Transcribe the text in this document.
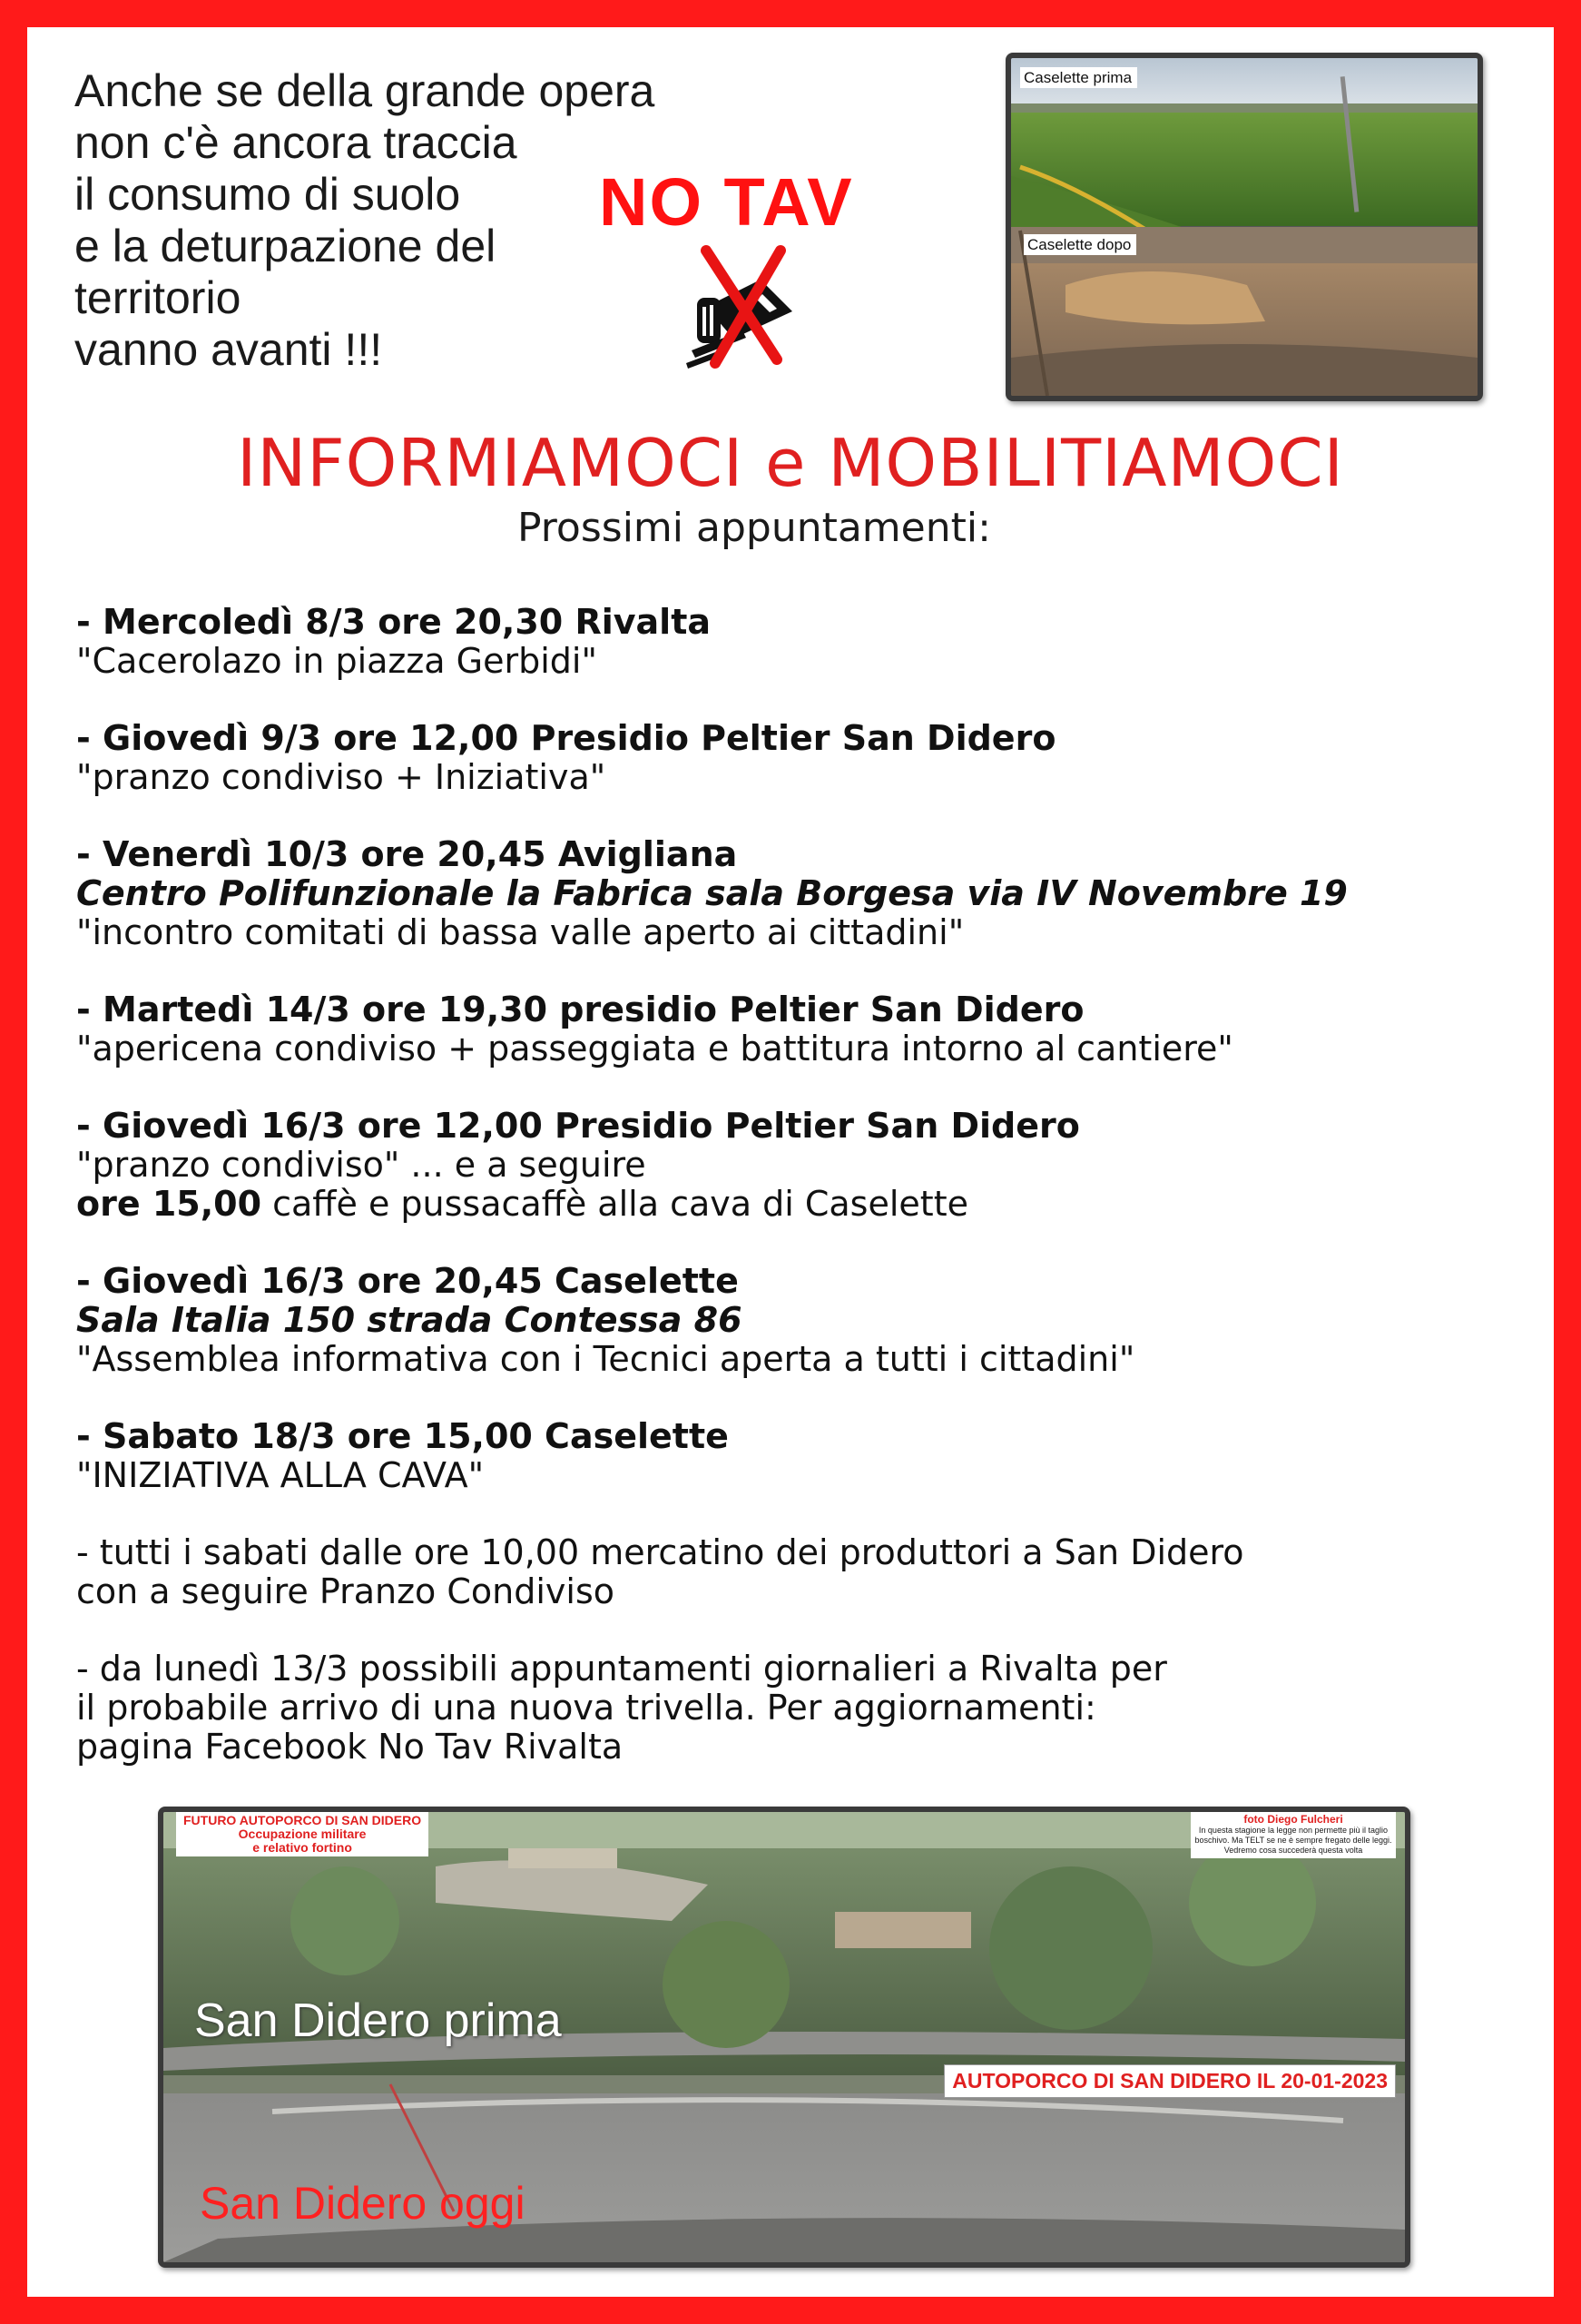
Anche se della grande opera
non c'è ancora traccia
il consumo di suolo
e la deturpazione del
territorio
vanno avanti !!!
NO TAV
Caselette prima
Caselette dopo
INFORMIAMOCI e MOBILITIAMOCI
Prossimi appuntamenti:
- Mercoledì 8/3 ore 20,30 Rivalta
"Cacerolazo in piazza Gerbidi"
- Giovedì 9/3 ore 12,00 Presidio Peltier San Didero
"pranzo condiviso + Iniziativa"
- Venerdì 10/3 ore 20,45 Avigliana
Centro Polifunzionale la Fabrica sala Borgesa via IV Novembre 19
"incontro comitati di bassa valle aperto ai cittadini"
- Martedì 14/3 ore 19,30 presidio Peltier San Didero
"apericena condiviso + passeggiata e battitura intorno al cantiere"
- Giovedì 16/3 ore 12,00 Presidio Peltier San Didero
"pranzo condiviso" ... e a seguire
ore 15,00 caffè e pussacaffè alla cava di Caselette
- Giovedì 16/3 ore 20,45 Caselette
Sala Italia 150 strada Contessa 86
"Assemblea informativa con i Tecnici aperta a tutti i cittadini"
- Sabato 18/3 ore 15,00 Caselette
"INIZIATIVA ALLA CAVA"
- tutti i sabati dalle ore 10,00 mercatino dei produttori a San Didero
con a seguire Pranzo Condiviso
- da lunedì 13/3 possibili appuntamenti giornalieri a Rivalta per
il probabile arrivo di una nuova trivella. Per aggiornamenti:
pagina Facebook No Tav Rivalta
FUTURO AUTOPORCO DI SAN DIDERO
Occupazione militare
e relativo fortino
foto Diego Fulcheri
In questa stagione la legge non permette più il taglio boschivo. Ma TELT se ne è sempre fregato delle leggi. Vedremo cosa succederà questa volta
San Didero prima
AUTOPORCO DI SAN DIDERO IL 20-01-2023
San Didero oggi
